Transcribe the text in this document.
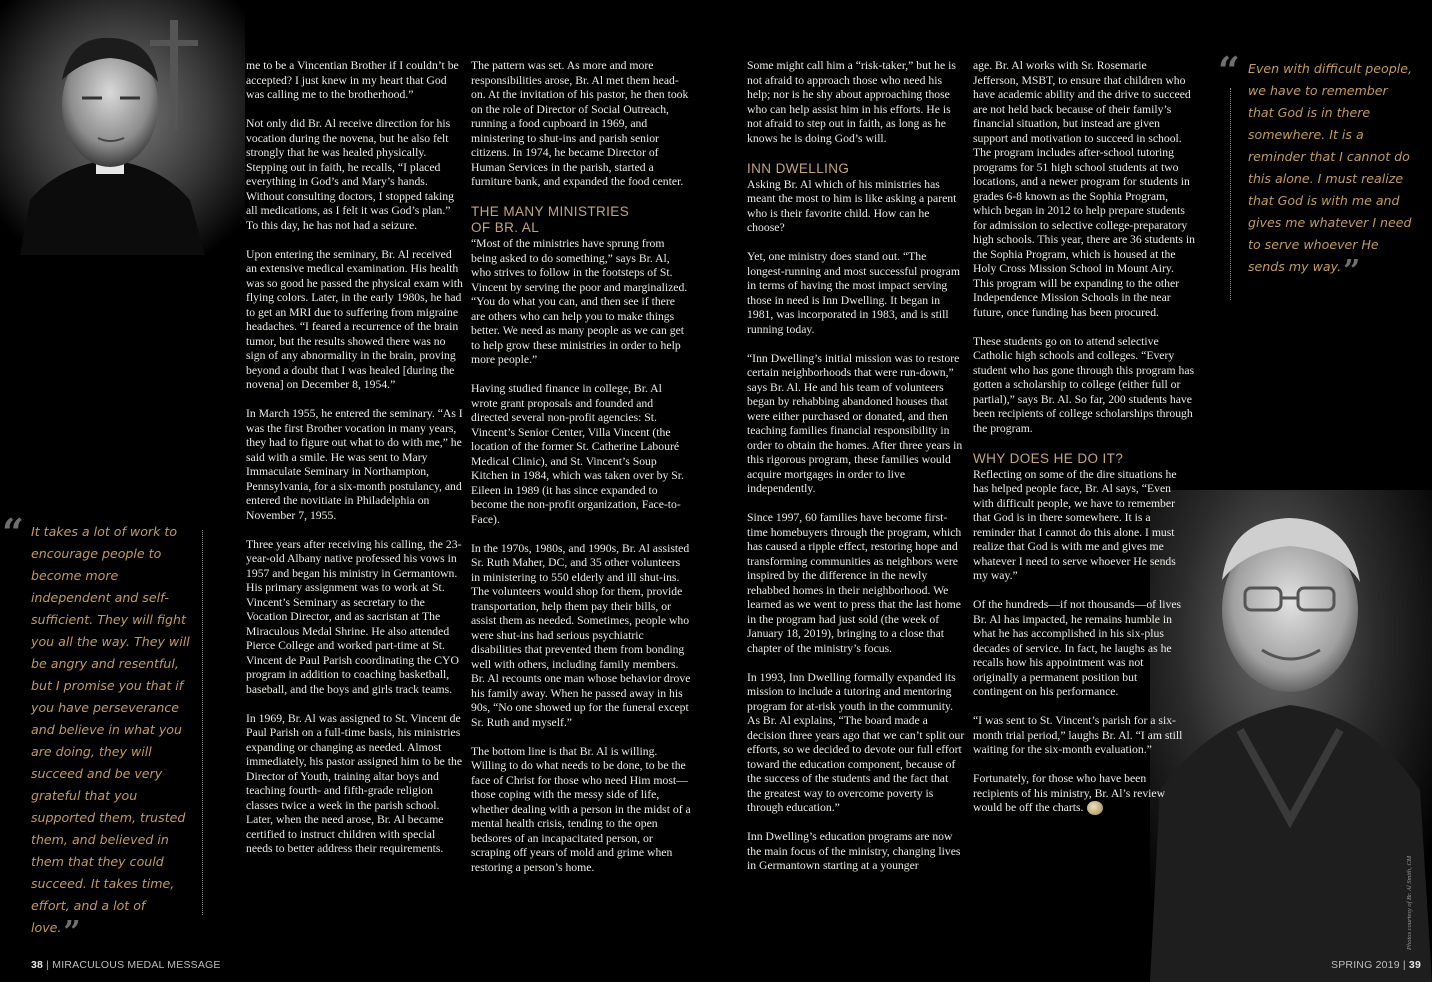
“ It takes a lot of work to encourage people to become more independent and self-sufficient. They will fight you all the way. They will be angry and resentful, but I promise you that if you have perseverance and believe in what you are doing, they will succeed and be very grateful that you supported them, trusted them, and believed in them that they could succeed. It takes time, effort, and a lot of love.”
“ Even with difficult people, we have to remember that God is in there somewhere. It is a reminder that I cannot do this alone. I must realize that God is with me and gives me whatever I need to serve whoever He sends my way.”

me to be a Vincentian Brother if I couldn’t be accepted? I just knew in my heart that God was calling me to the brotherhood.”

Not only did Br. Al receive direction for his vocation during the novena, but he also felt strongly that he was healed physically. Stepping out in faith, he recalls, “I placed everything in God’s and Mary’s hands. Without consulting doctors, I stopped taking all medications, as I felt it was God’s plan.” To this day, he has not had a seizure.

Upon entering the seminary, Br. Al received an extensive medical examination. His health was so good he passed the physical exam with flying colors. Later, in the early 1980s, he had to get an MRI due to suffering from migraine headaches. “I feared a recurrence of the brain tumor, but the results showed there was no sign of any abnormality in the brain, proving beyond a doubt that I was healed [during the novena] on December 8, 1954.”

In March 1955, he entered the seminary. “As I was the first Brother vocation in many years, they had to figure out what to do with me,” he said with a smile. He was sent to Mary Immaculate Seminary in Northampton, Pennsylvania, for a six-month postulancy, and entered the novitiate in Philadelphia on November 7, 1955.

Three years after receiving his calling, the 23-year-old Albany native professed his vows in 1957 and began his ministry in Germantown. His primary assignment was to work at St. Vincent’s Seminary as secretary to the Vocation Director, and as sacristan at The Miraculous Medal Shrine. He also attended Pierce College and worked part-time at St. Vincent de Paul Parish coordinating the CYO program in addition to coaching basketball, baseball, and the boys and girls track teams.

In 1969, Br. Al was assigned to St. Vincent de Paul Parish on a full-time basis, his ministries expanding or changing as needed. Almost immediately, his pastor assigned him to be the Director of Youth, training altar boys and teaching fourth- and fifth-grade religion classes twice a week in the parish school. Later, when the need arose, Br. Al became certified to instruct children with special needs to better address their requirements.

The pattern was set. As more and more responsibilities arose, Br. Al met them head-on. At the invitation of his pastor, he then took on the role of Director of Social Outreach, running a food cupboard in 1969, and ministering to shut-ins and parish senior citizens. In 1974, he became Director of Human Services in the parish, started a furniture bank, and expanded the food center.

THE MANY MINISTRIES OF BR. AL

“Most of the ministries have sprung from being asked to do something,” says Br. Al, who strives to follow in the footsteps of St. Vincent by serving the poor and marginalized. “You do what you can, and then see if there are others who can help you to make things better. We need as many people as we can get to help grow these ministries in order to help more people.”

Having studied finance in college, Br. Al wrote grant proposals and founded and directed several non-profit agencies: St. Vincent’s Senior Center, Villa Vincent (the location of the former St. Catherine Labouré Medical Clinic), and St. Vincent’s Soup Kitchen in 1984, which was taken over by Sr. Eileen in 1989 (it has since expanded to become the non-profit organization, Face-to-Face).

In the 1970s, 1980s, and 1990s, Br. Al assisted Sr. Ruth Maher, DC, and 35 other volunteers in ministering to 550 elderly and ill shut-ins. The volunteers would shop for them, provide transportation, help them pay their bills, or assist them as needed. Sometimes, people who were shut-ins had serious psychiatric disabilities that prevented them from bonding well with others, including family members. Br. Al recounts one man whose behavior drove his family away. When he passed away in his 90s, “No one showed up for the funeral except Sr. Ruth and myself.”

The bottom line is that Br. Al is willing. Willing to do what needs to be done, to be the face of Christ for those who need Him most—those coping with the messy side of life, whether dealing with a person in the midst of a mental health crisis, tending to the open bedsores of an incapacitated person, or scraping off years of mold and grime when restoring a person’s home.

Some might call him a “risk-taker,” but he is not afraid to approach those who need his help; nor is he shy about approaching those who can help assist him in his efforts. He is not afraid to step out in faith, as long as he knows he is doing God’s will.

INN DWELLING

Asking Br. Al which of his ministries has meant the most to him is like asking a parent who is their favorite child. How can he choose?

Yet, one ministry does stand out. “The longest-running and most successful program in terms of having the most impact serving those in need is Inn Dwelling. It began in 1981, was incorporated in 1983, and is still running today.

“Inn Dwelling’s initial mission was to restore certain neighborhoods that were run-down,” says Br. Al. He and his team of volunteers began by rehabbing abandoned houses that were either purchased or donated, and then teaching families financial responsibility in order to obtain the homes. After three years in this rigorous program, these families would acquire mortgages in order to live independently.

Since 1997, 60 families have become first-time homebuyers through the program, which has caused a ripple effect, restoring hope and transforming communities as neighbors were inspired by the difference in the newly rehabbed homes in their neighborhood. We learned as we went to press that the last home in the program had just sold (the week of January 18, 2019), bringing to a close that chapter of the ministry’s focus.

In 1993, Inn Dwelling formally expanded its mission to include a tutoring and mentoring program for at-risk youth in the community. As Br. Al explains, “The board made a decision three years ago that we can’t split our efforts, so we decided to devote our full effort toward the education component, because of the success of the students and the fact that the greatest way to overcome poverty is through education.”

Inn Dwelling’s education programs are now the main focus of the ministry, changing lives in Germantown starting at a younger

age. Br. Al works with Sr. Rosemarie Jefferson, MSBT, to ensure that children who have academic ability and the drive to succeed are not held back because of their family’s financial situation, but instead are given support and motivation to succeed in school. The program includes after-school tutoring programs for 51 high school students at two locations, and a newer program for students in grades 6-8 known as the Sophia Program, which began in 2012 to help prepare students for admission to selective college-preparatory high schools. This year, there are 36 students in the Sophia Program, which is housed at the Holy Cross Mission School in Mount Airy. This program will be expanding to the other Independence Mission Schools in the near future, once funding has been procured.

These students go on to attend selective Catholic high schools and colleges. “Every student who has gone through this program has gotten a scholarship to college (either full or partial),” says Br. Al. So far, 200 students have been recipients of college scholarships through the program.

WHY DOES HE DO IT?

Reflecting on some of the dire situations he has helped people face, Br. Al says, “Even with difficult people, we have to remember that God is in there somewhere. It is a reminder that I cannot do this alone. I must realize that God is with me and gives me whatever I need to serve whoever He sends my way.”

Of the hundreds—if not thousands—of lives Br. Al has impacted, he remains humble in what he has accomplished in his six-plus decades of service. In fact, he laughs as he recalls how his appointment was not originally a permanent position but contingent on his performance.

“I was sent to St. Vincent’s parish for a six-month trial period,” laughs Br. Al. “I am still waiting for the six-month evaluation.”

Fortunately, for those who have been recipients of his ministry, Br. Al’s review would be off the charts.

38 | MIRACULOUS MEDAL MESSAGE	SPRING 2019 | 39
Photos courtesy of Br. Al Smith, CM
